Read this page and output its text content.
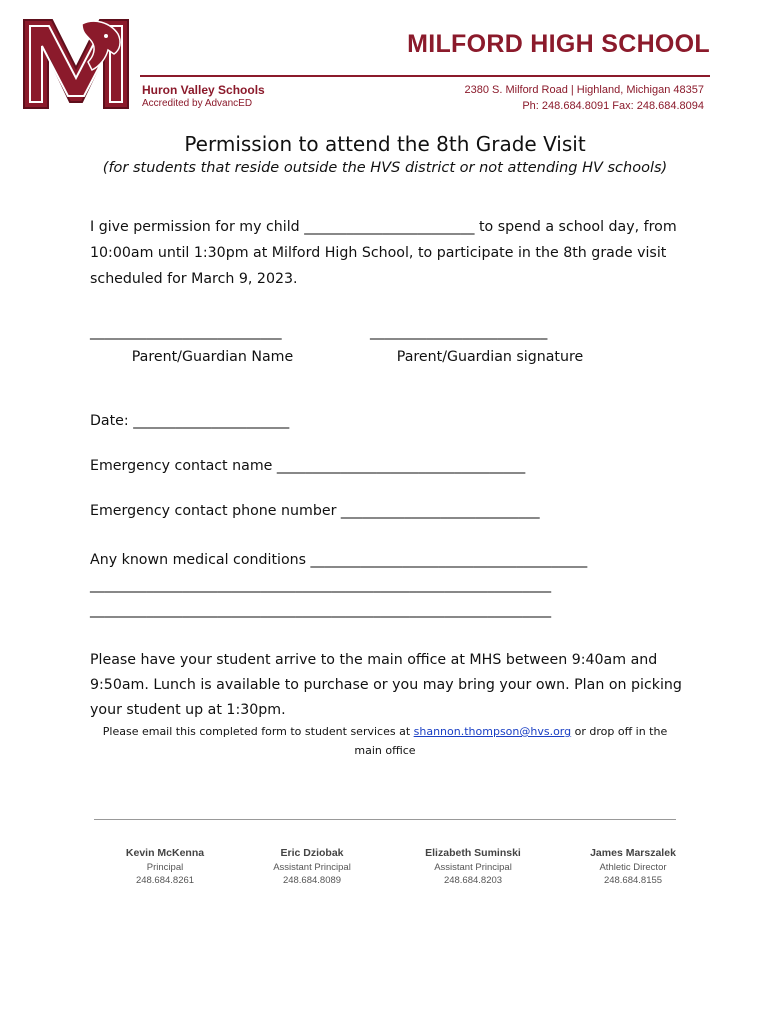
MILFORD HIGH SCHOOL
Huron Valley Schools
Accredited by AdvancED
2380 S. Milford Road | Highland, Michigan 48357
Ph: 248.684.8091 Fax: 248.684.8094
Permission to attend the 8th Grade Visit
(for students that reside outside the HVS district or not attending HV schools)
I give permission for my child ________________________ to spend a school day, from 10:00am until 1:30pm at Milford High School, to participate in the 8th grade visit scheduled for March 9, 2023.
___________________________	_________________________
Parent/Guardian Name	Parent/Guardian signature
Date: ______________________
Emergency contact name ___________________________________
Emergency contact phone number ____________________________
Any known medical conditions _______________________________________
_________________________________________________________________
_________________________________________________________________
Please have your student arrive to the main office at MHS between 9:40am and 9:50am. Lunch is available to purchase or you may bring your own. Plan on picking your student up at 1:30pm.
Please email this completed form to student services at shannon.thompson@hvs.org or drop off in the main office
Kevin McKenna
Principal
248.684.8261
Eric Dziobak
Assistant Principal
248.684.8089
Elizabeth Suminski
Assistant Principal
248.684.8203
James Marszalek
Athletic Director
248.684.8155
